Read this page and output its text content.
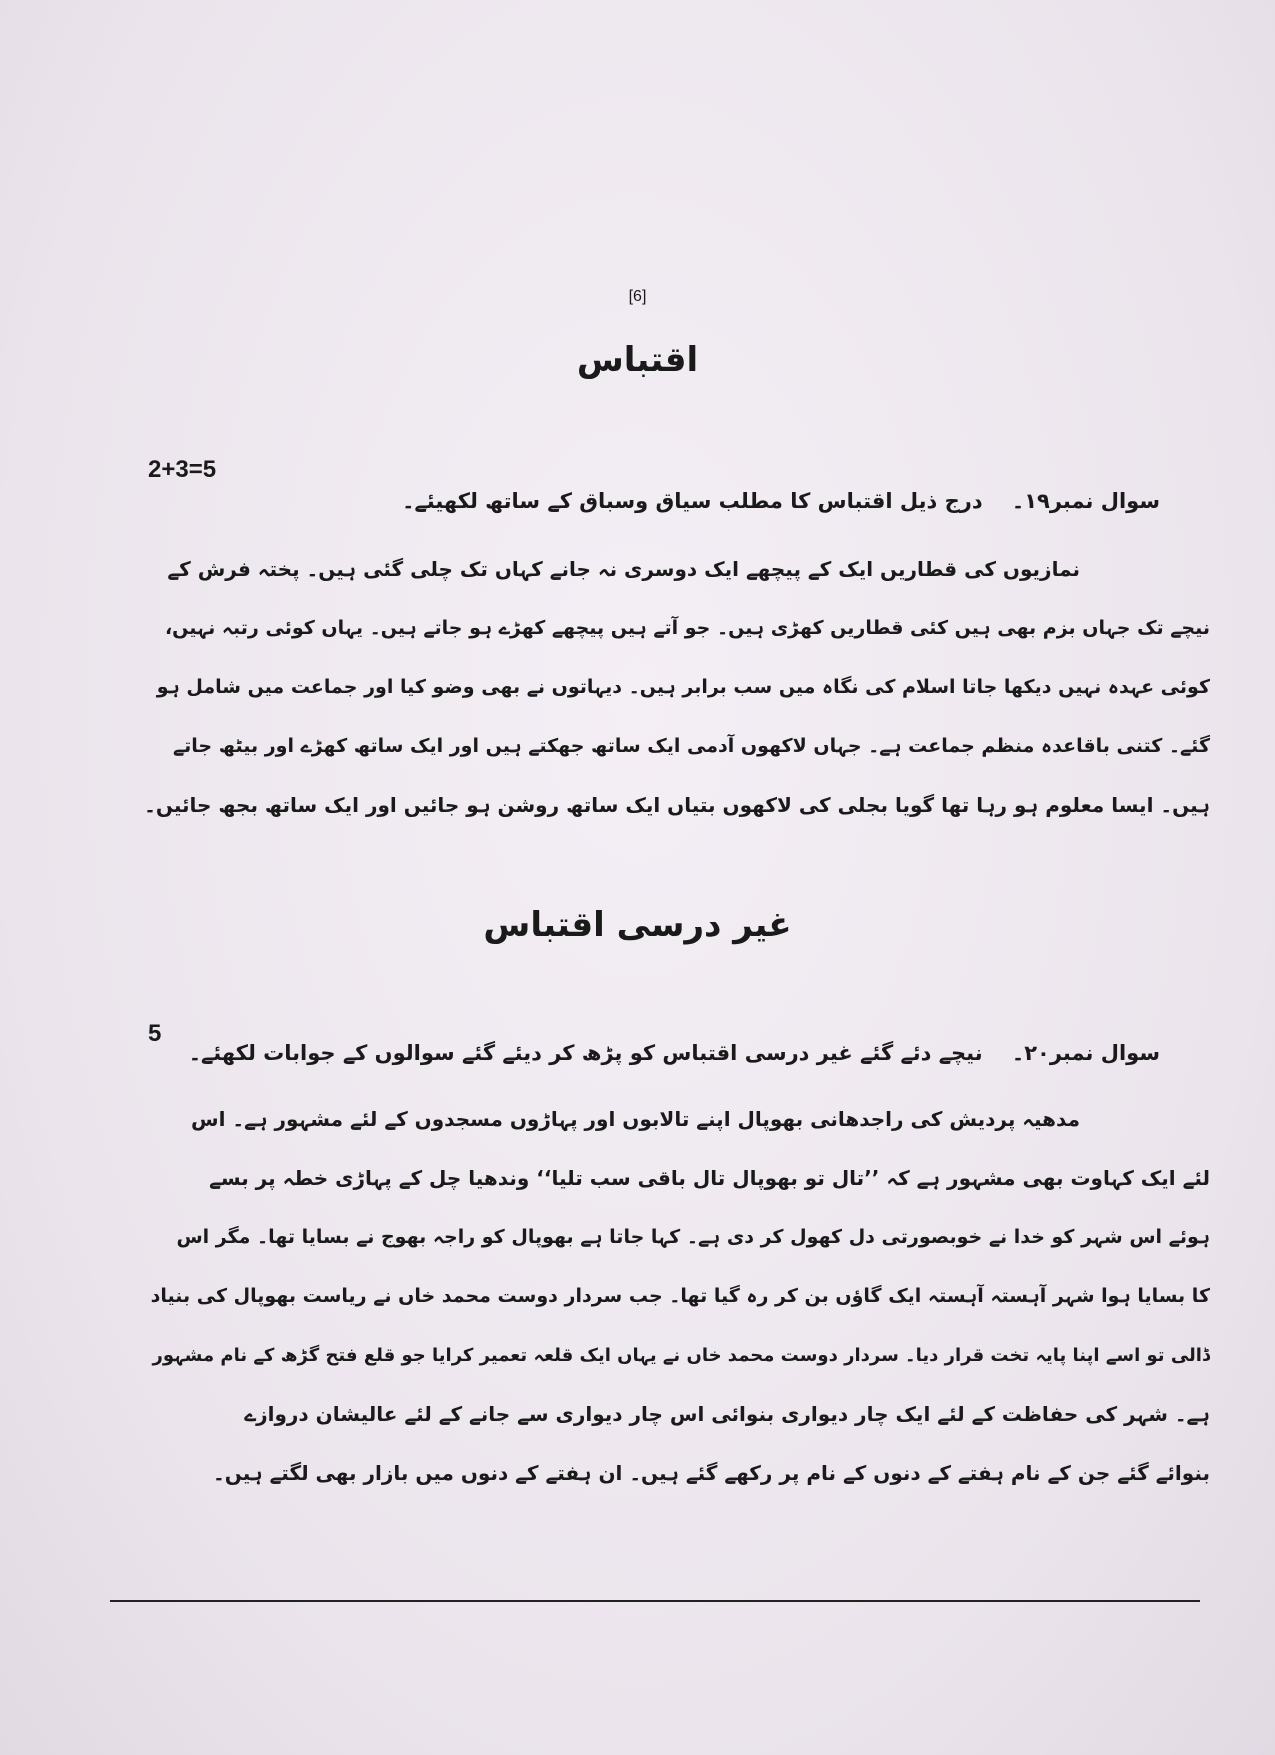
[6]
اقتباس
2+3=5
سوال نمبر۱۹۔    درج ذیل اقتباس کا مطلب سیاق وسباق کے ساتھ لکھیئے۔
نمازیوں کی قطاریں ایک کے پیچھے ایک دوسری نہ جانے کہاں تک چلی گئی ہیں۔ پختہ فرش کے
نیچے تک جہاں بزم بھی ہیں کئی قطاریں کھڑی ہیں۔ جو آتے ہیں پیچھے کھڑے ہو جاتے ہیں۔ یہاں کوئی رتبہ نہیں،
کوئی عہدہ نہیں دیکھا جاتا اسلام کی نگاہ میں سب برابر ہیں۔ دیہاتوں نے بھی وضو کیا اور جماعت میں شامل ہو
گئے۔ کتنی باقاعدہ منظم جماعت ہے۔ جہاں لاکھوں آدمی ایک ساتھ جھکتے ہیں اور ایک ساتھ کھڑے اور بیٹھ جاتے
ہیں۔ ایسا معلوم ہو رہا تھا گویا بجلی کی لاکھوں بتیاں ایک ساتھ روشن ہو جائیں اور ایک ساتھ بجھ جائیں۔
غیر درسی اقتباس
5
سوال نمبر۲۰۔    نیچے دئے گئے غیر درسی اقتباس کو پڑھ کر دیئے گئے سوالوں کے جوابات لکھئے۔
مدھیہ پردیش کی راجدھانی بھوپال اپنے تالابوں اور پہاڑوں مسجدوں کے لئے مشہور ہے۔ اس
لئے ایک کہاوت بھی مشہور ہے کہ ’’تال تو بھوپال تال باقی سب تلیا‘‘ وندھیا چل کے پہاڑی خطہ پر بسے
ہوئے اس شہر کو خدا نے خوبصورتی دل کھول کر دی ہے۔ کہا جاتا ہے بھوپال کو راجہ بھوج نے بسایا تھا۔ مگر اس
کا بسایا ہوا شہر آہستہ آہستہ ایک گاؤں بن کر رہ گیا تھا۔ جب سردار دوست محمد خاں نے ریاست بھوپال کی بنیاد
ڈالی تو اسے اپنا پایہ تخت قرار دیا۔ سردار دوست محمد خاں نے یہاں ایک قلعہ تعمیر کرایا جو قلع فتح گڑھ کے نام مشہور
ہے۔ شہر کی حفاظت کے لئے ایک چار دیواری بنوائی اس چار دیواری سے جانے کے لئے عالیشان دروازے
بنوائے گئے جن کے نام ہفتے کے دنوں کے نام پر رکھے گئے ہیں۔ ان ہفتے کے دنوں میں بازار بھی لگتے ہیں۔
